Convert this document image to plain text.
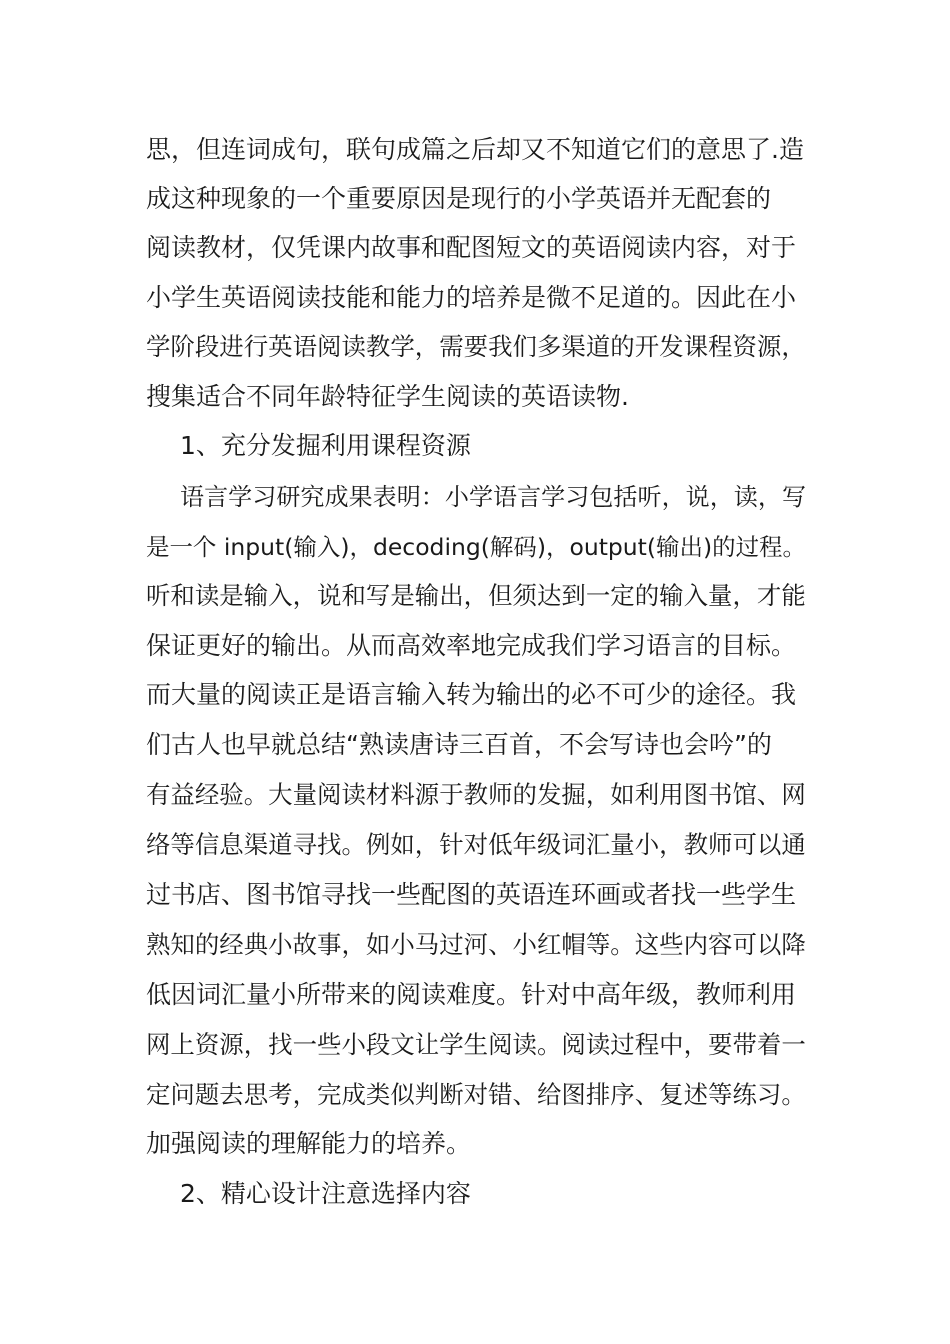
思，但连词成句，联句成篇之后却又不知道它们的意思了.造
成这种现象的一个重要原因是现行的小学英语并无配套的
阅读教材，仅凭课内故事和配图短文的英语阅读内容，对于
小学生英语阅读技能和能力的培养是微不足道的。因此在小
学阶段进行英语阅读教学，需要我们多渠道的开发课程资源，
搜集适合不同年龄特征学生阅读的英语读物.
1、充分发掘利用课程资源
语言学习研究成果表明：小学语言学习包括听，说，读，写
是一个 input(输入)，decoding(解码)，output(输出)的过程。
听和读是输入，说和写是输出，但须达到一定的输入量，才能
保证更好的输出。从而高效率地完成我们学习语言的目标。
而大量的阅读正是语言输入转为输出的必不可少的途径。我
们古人也早就总结“熟读唐诗三百首，不会写诗也会吟”的
有益经验。大量阅读材料源于教师的发掘，如利用图书馆、网
络等信息渠道寻找。例如，针对低年级词汇量小，教师可以通
过书店、图书馆寻找一些配图的英语连环画或者找一些学生
熟知的经典小故事，如小马过河、小红帽等。这些内容可以降
低因词汇量小所带来的阅读难度。针对中高年级，教师利用
网上资源，找一些小段文让学生阅读。阅读过程中，要带着一
定问题去思考，完成类似判断对错、给图排序、复述等练习。
加强阅读的理解能力的培养。
2、精心设计注意选择内容
